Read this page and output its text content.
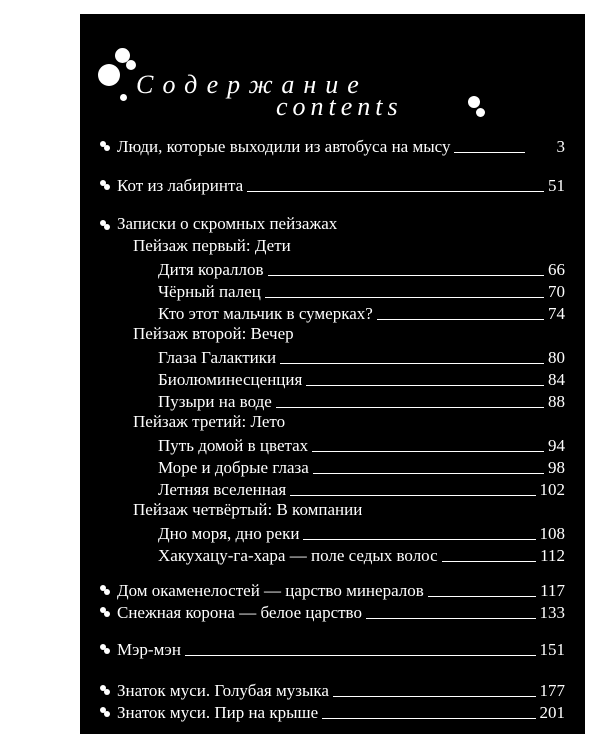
Содержание
contents
Люди, которые выходили из автобуса на мысу	3
Кот из лабиринта	51
Записки о скромных пейзажах
Пейзаж первый: Дети
Дитя кораллов	66
Чёрный палец	70
Кто этот мальчик в сумерках?	74
Пейзаж второй: Вечер
Глаза Галактики	80
Биолюминесценция	84
Пузыри на воде	88
Пейзаж третий: Лето
Путь домой в цветах	94
Море и добрые глаза	98
Летняя вселенная	102
Пейзаж четвёртый: В компании
Дно моря, дно реки	108
Хакухацу-га-хара — поле седых волос	112
Дом окаменелостей — царство минералов	117
Снежная корона — белое царство	133
Мэр-мэн	151
Знаток муси. Голубая музыка	177
Знаток муси. Пир на крыше	201
